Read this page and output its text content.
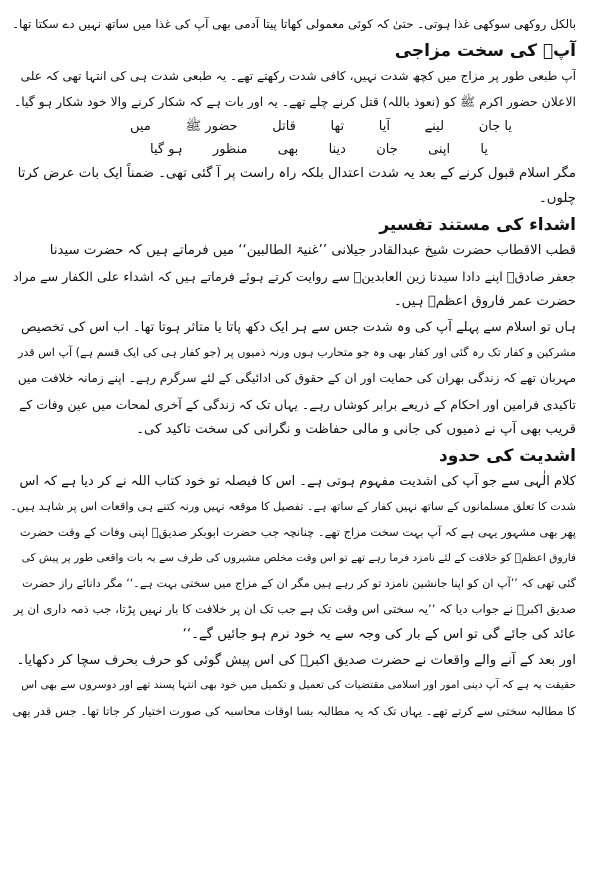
بالکل روکھی سوکھی غذا ہوتی۔ حتیٰ کہ کوئی معمولی کھاتا پیتا آدمی بھی آپ کی غذا میں ساتھ نہیں دے سکتا تھا۔
آپؓ کی سخت مزاجی
آپ طبعی طور پر مزاج میں کچھ شدت نہیں، کافی شدت رکھتے تھے۔ یہ طبعی شدت ہی کی انتہا تھی کہ علی
الاعلان حضور اکرم ﷺ کو (نعوذ باللہ) قتل کرنے چلے تھے۔ یہ اور بات ہے کہ شکار کرنے والا خود شکار ہو گیا۔
یا جان
لینے
آیا
تھا
قاتل
حضور ﷺ
میں
یا
اپنی
جان
دینا
بھی
منظور
ہو گیا
مگر اسلام قبول کرنے کے بعد یہ شدت اعتدال بلکہ راہ راست پر آ گئی تھی۔ ضمناً ایک بات عرض کرتا
چلوں۔
اشداء کی مستند تفسیر
قطب الاقطاب حضرت شیخ عبدالقادر جیلانی ’’غنیۃ الطالبین‘‘ میں فرماتے ہیں کہ حضرت سیدنا
جعفر صادقؒ اپنے دادا سیدنا زین العابدینؒ سے روایت کرتے ہوئے فرماتے ہیں کہ اشداء علی الکفار سے مراد
حضرت عمر فاروق اعظمؓ ہیں۔
ہاں تو اسلام سے پہلے آپ کی وہ شدت جس سے ہر ایک دکھ پاتا یا متاثر ہوتا تھا۔ اب اس کی تخصیص
مشرکین و کفار تک رہ گئی اور کفار بھی وہ جو متحارب ہوں ورنہ ذمیوں پر (جو کفار ہی کی ایک قسم ہے) آپ اس قدر
مہربان تھے کہ زندگی بھران کی حمایت اور ان کے حقوق کی ادائیگی کے لئے سرگرم رہے۔ اپنے زمانہ خلافت میں
تاکیدی فرامین اور احکام کے ذریعے برابر کوشاں رہے۔ یہاں تک کہ زندگی کے آخری لمحات میں عین وفات کے
قریب بھی آپ نے ذمیوں کی جانی و مالی حفاظت و نگرانی کی سخت تاکید کی۔
اشدیت کی حدود
کلام الٰہی سے جو آپ کی اشدیت مفہوم ہوتی ہے۔ اس کا فیصلہ تو خود کتاب اللہ نے کر دیا ہے کہ اس
شدت کا تعلق مسلمانوں کے ساتھ نہیں کفار کے ساتھ ہے۔ تفصیل کا موقعہ نہیں ورنہ کتنے ہی واقعات اس پر شاہد ہیں۔
پھر بھی مشہور یہی ہے کہ آپ بہت سخت مزاج تھے۔ چنانچہ جب حضرت ابوبکر صدیقؓ اپنی وفات کے وقت حضرت
فاروق اعظمؓ کو خلافت کے لئے نامزد فرما رہے تھے تو اس وقت مخلص مشیروں کی طرف سے یہ بات واقعی طور پر پیش کی
گئی تھی کہ ’’آپ ان کو اپنا جانشین نامزد تو کر رہے ہیں مگر ان کے مزاج میں سختی بہت ہے۔‘‘ مگر دانائے راز حضرت
صدیق اکبرؓ نے جواب دیا کہ ’’یہ سختی اس وقت تک ہے جب تک ان پر خلافت کا بار نہیں پڑتا، جب ذمہ داری ان پر
عائد کی جائے گی تو اس کے بار کی وجہ سے یہ خود نرم ہو جائیں گے۔‘‘
اور بعد کے آنے والے واقعات نے حضرت صدیق اکبرؓ کی اس پیش گوئی کو حرف بحرف سچا کر دکھایا۔
حقیقت یہ ہے کہ آپ دینی امور اور اسلامی مقتضیات کی تعمیل و تکمیل میں خود بھی انتہا پسند تھے اور دوسروں سے بھی اس
کا مطالبہ سختی سے کرتے تھے۔ یہاں تک کہ یہ مطالبہ بسا اوقات محاسبہ کی صورت اختیار کر جاتا تھا۔ جس قدر بھی
